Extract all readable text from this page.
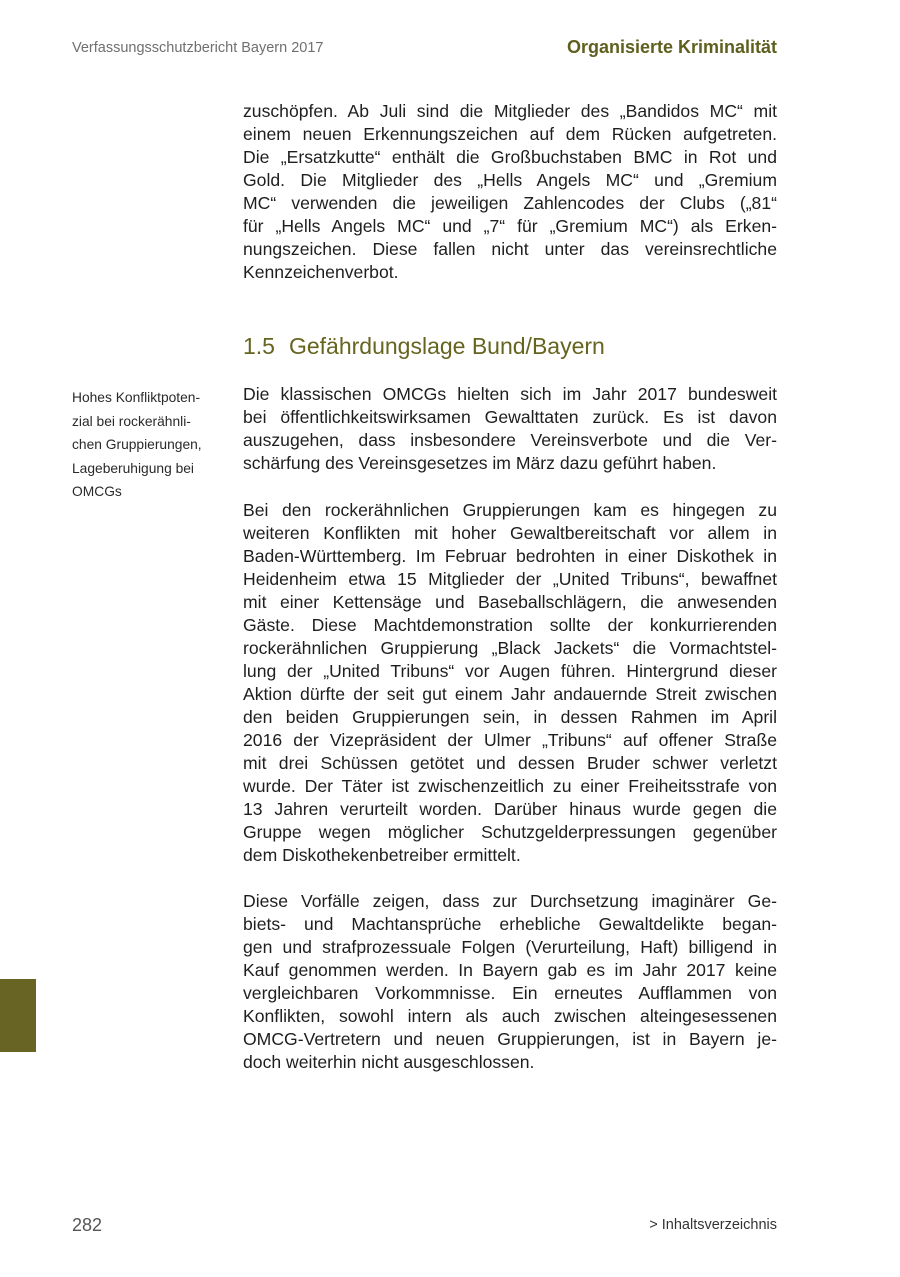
Verfassungsschutzbericht Bayern 2017	Organisierte Kriminalität
zuschöpfen. Ab Juli sind die Mitglieder des „Bandidos MC“ mit
einem neuen Erkennungszeichen auf dem Rücken aufgetreten.
Die „Ersatzkutte“ enthält die Großbuchstaben BMC in Rot und
Gold. Die Mitglieder des „Hells Angels MC“ und „Gremium
MC“ verwenden die jeweiligen Zahlencodes der Clubs („81“
für „Hells Angels MC“ und „7“ für „Gremium MC“) als Erken-
nungszeichen. Diese fallen nicht unter das vereinsrechtliche
Kennzeichenverbot.
1.5 Gefährdungslage Bund/Bayern
Hohes Konfliktpoten-
zial bei rockerähnli-
chen Gruppierungen,
Lageberuhigung bei
OMCGs
Die klassischen OMCGs hielten sich im Jahr 2017 bundesweit
bei öffentlichkeitswirksamen Gewalttaten zurück. Es ist davon
auszugehen, dass insbesondere Vereinsverbote und die Ver-
schärfung des Vereinsgesetzes im März dazu geführt haben.
Bei den rockerähnlichen Gruppierungen kam es hingegen zu
weiteren Konflikten mit hoher Gewaltbereitschaft vor allem in
Baden-Württemberg. Im Februar bedrohten in einer Diskothek in
Heidenheim etwa 15 Mitglieder der „United Tribuns“, bewaffnet
mit einer Kettensäge und Baseballschlägern, die anwesenden
Gäste. Diese Machtdemonstration sollte der konkurrierenden
rockerähnlichen Gruppierung „Black Jackets“ die Vormachtstel-
lung der „United Tribuns“ vor Augen führen. Hintergrund dieser
Aktion dürfte der seit gut einem Jahr andauernde Streit zwischen
den beiden Gruppierungen sein, in dessen Rahmen im April
2016 der Vizepräsident der Ulmer „Tribuns“ auf offener Straße
mit drei Schüssen getötet und dessen Bruder schwer verletzt
wurde. Der Täter ist zwischenzeitlich zu einer Freiheitsstrafe von
13 Jahren verurteilt worden. Darüber hinaus wurde gegen die
Gruppe wegen möglicher Schutzgelderpressungen gegenüber
dem Diskothekenbetreiber ermittelt.
Diese Vorfälle zeigen, dass zur Durchsetzung imaginärer Ge-
biets- und Machtansprüche erhebliche Gewaltdelikte began-
gen und strafprozessuale Folgen (Verurteilung, Haft) billigend in
Kauf genommen werden. In Bayern gab es im Jahr 2017 keine
vergleichbaren Vorkommnisse. Ein erneutes Aufflammen von
Konflikten, sowohl intern als auch zwischen alteingesessenen
OMCG-Vertretern und neuen Gruppierungen, ist in Bayern je-
doch weiterhin nicht ausgeschlossen.
282	> Inhaltsverzeichnis
